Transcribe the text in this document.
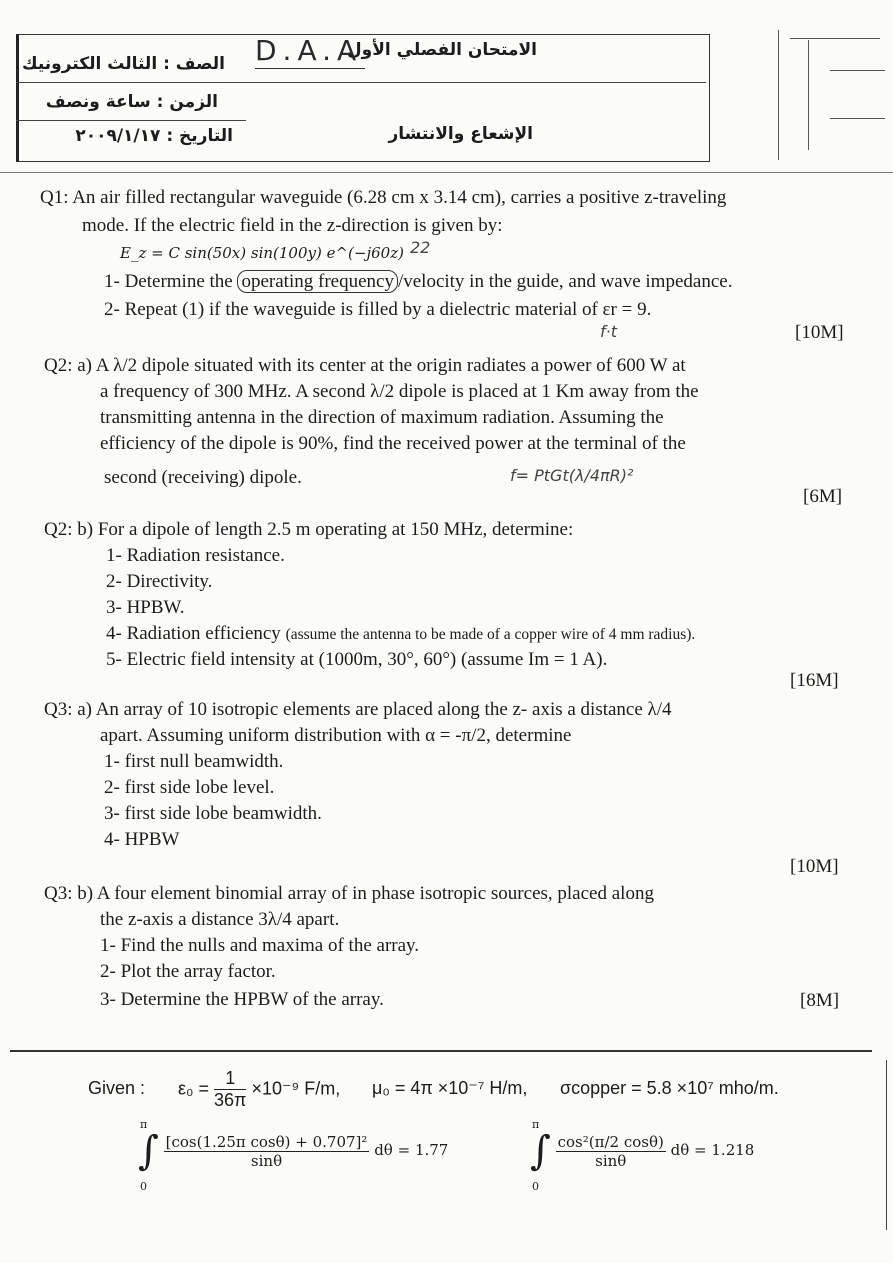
الصف : الثالث الكترونيك
الزمن : ساعة ونصف
التاريخ : ٢٠٠٩/١/١٧
الامتحان الفصلي الأول
الإشعاع والانتشار
D.A.A
Q1: An air filled rectangular waveguide (6.28 cm x 3.14 cm), carries a positive z-traveling
mode. If the electric field in the z-direction is given by:
E_z = C sin(50x) sin(100y) e^(−j60z) 22
1- Determine the operating frequency /velocity in the guide, and wave impedance.
2- Repeat (1) if the waveguide is filled by a dielectric material of εr = 9.
f·t	[10M]
Q2: a) A λ/2 dipole situated with its center at the origin radiates a power of 600 W at
a frequency of 300 MHz. A second λ/2 dipole is placed at 1 Km away from the
transmitting antenna in the direction of maximum radiation. Assuming the
efficiency of the dipole is 90%, find the received power at the terminal of the
second (receiving) dipole.	f= PtGt(λ/4πR)²
[6M]
Q2: b) For a dipole of length 2.5 m operating at 150 MHz, determine:
1- Radiation resistance.
2- Directivity.
3- HPBW.
4- Radiation efficiency (assume the antenna to be made of a copper wire of 4 mm radius).
5- Electric field intensity at (1000m, 30°, 60°) (assume Im = 1 A).
[16M]
Q3: a) An array of 10 isotropic elements are placed along the z- axis a distance λ/4
apart. Assuming uniform distribution with α = -π/2, determine
1- first null beamwidth.
2- first side lobe level.
3- first side lobe beamwidth.
4- HPBW
[10M]
Q3: b) A four element binomial array of in phase isotropic sources, placed along
the z-axis a distance 3λ/4 apart.
1- Find the nulls and maxima of the array.
2- Plot the array factor.
3- Determine the HPBW of the array.	[8M]
Given : $\varepsilon_0 = \frac{1}{36\pi} \times 10^{-9}$ F/m, μ₀ = 4π ×10⁻⁷ H/m, σcopper = 5.8 ×10⁷ mho/m.
π
0
∫ $\frac{\text{[cos(1.25π cosθ) + 0.707]²}}{\sin\theta}$ dθ = 1.77
π
0
∫ $\frac{\text{cos²(π/2 cosθ)}}{\sin\theta}$ dθ = 1.218
